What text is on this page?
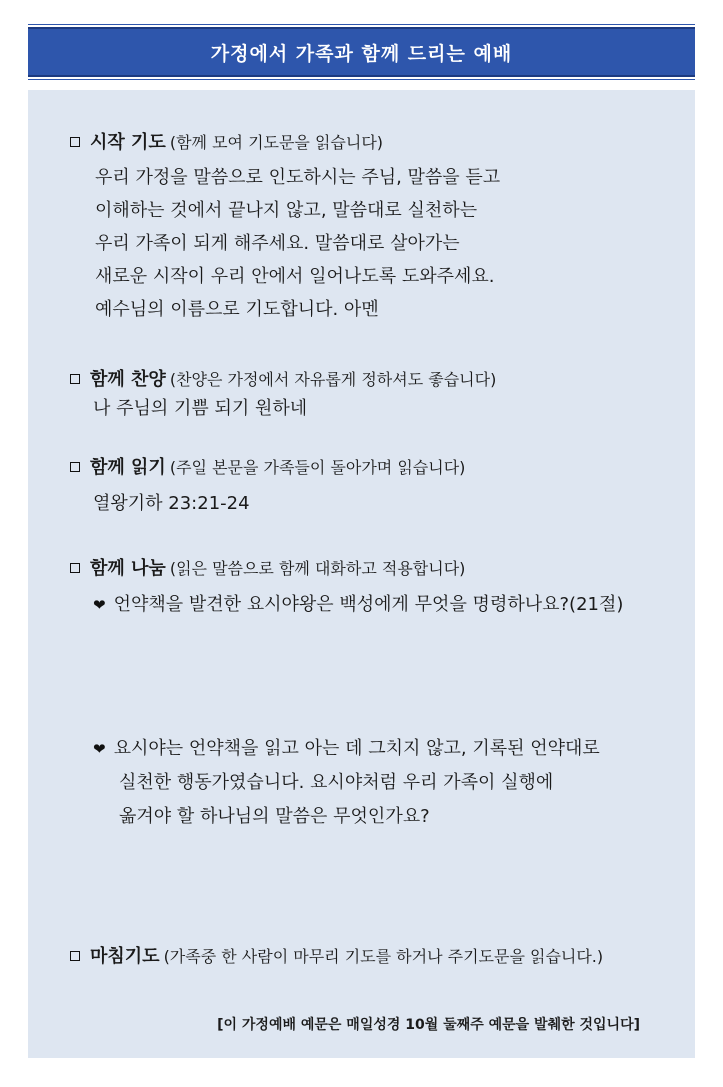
가정에서 가족과 함께 드리는 예배
시작 기도 (함께 모여 기도문을 읽습니다)
우리 가정을 말씀으로 인도하시는 주님, 말씀을 듣고
이해하는 것에서 끝나지 않고, 말씀대로 실천하는
우리 가족이 되게 해주세요. 말씀대로 살아가는
새로운 시작이 우리 안에서 일어나도록 도와주세요.
예수님의 이름으로 기도합니다. 아멘
함께 찬양 (찬양은 가정에서 자유롭게 정하셔도 좋습니다)
나 주님의 기쁨 되기 원하네
함께 읽기 (주일 본문을 가족들이 돌아가며 읽습니다)
열왕기하 23:21-24
함께 나눔 (읽은 말씀으로 함께 대화하고 적용합니다)
❤ 언약책을 발견한 요시야왕은 백성에게 무엇을 명령하나요?(21절)
❤ 요시야는 언약책을 읽고 아는 데 그치지 않고, 기록된 언약대로
실천한 행동가였습니다. 요시야처럼 우리 가족이 실행에
옮겨야 할 하나님의 말씀은 무엇인가요?
마침기도 (가족중 한 사람이 마무리 기도를 하거나 주기도문을 읽습니다.)
[이 가정예배 예문은 매일성경 10월 둘째주 예문을 발췌한 것입니다]
